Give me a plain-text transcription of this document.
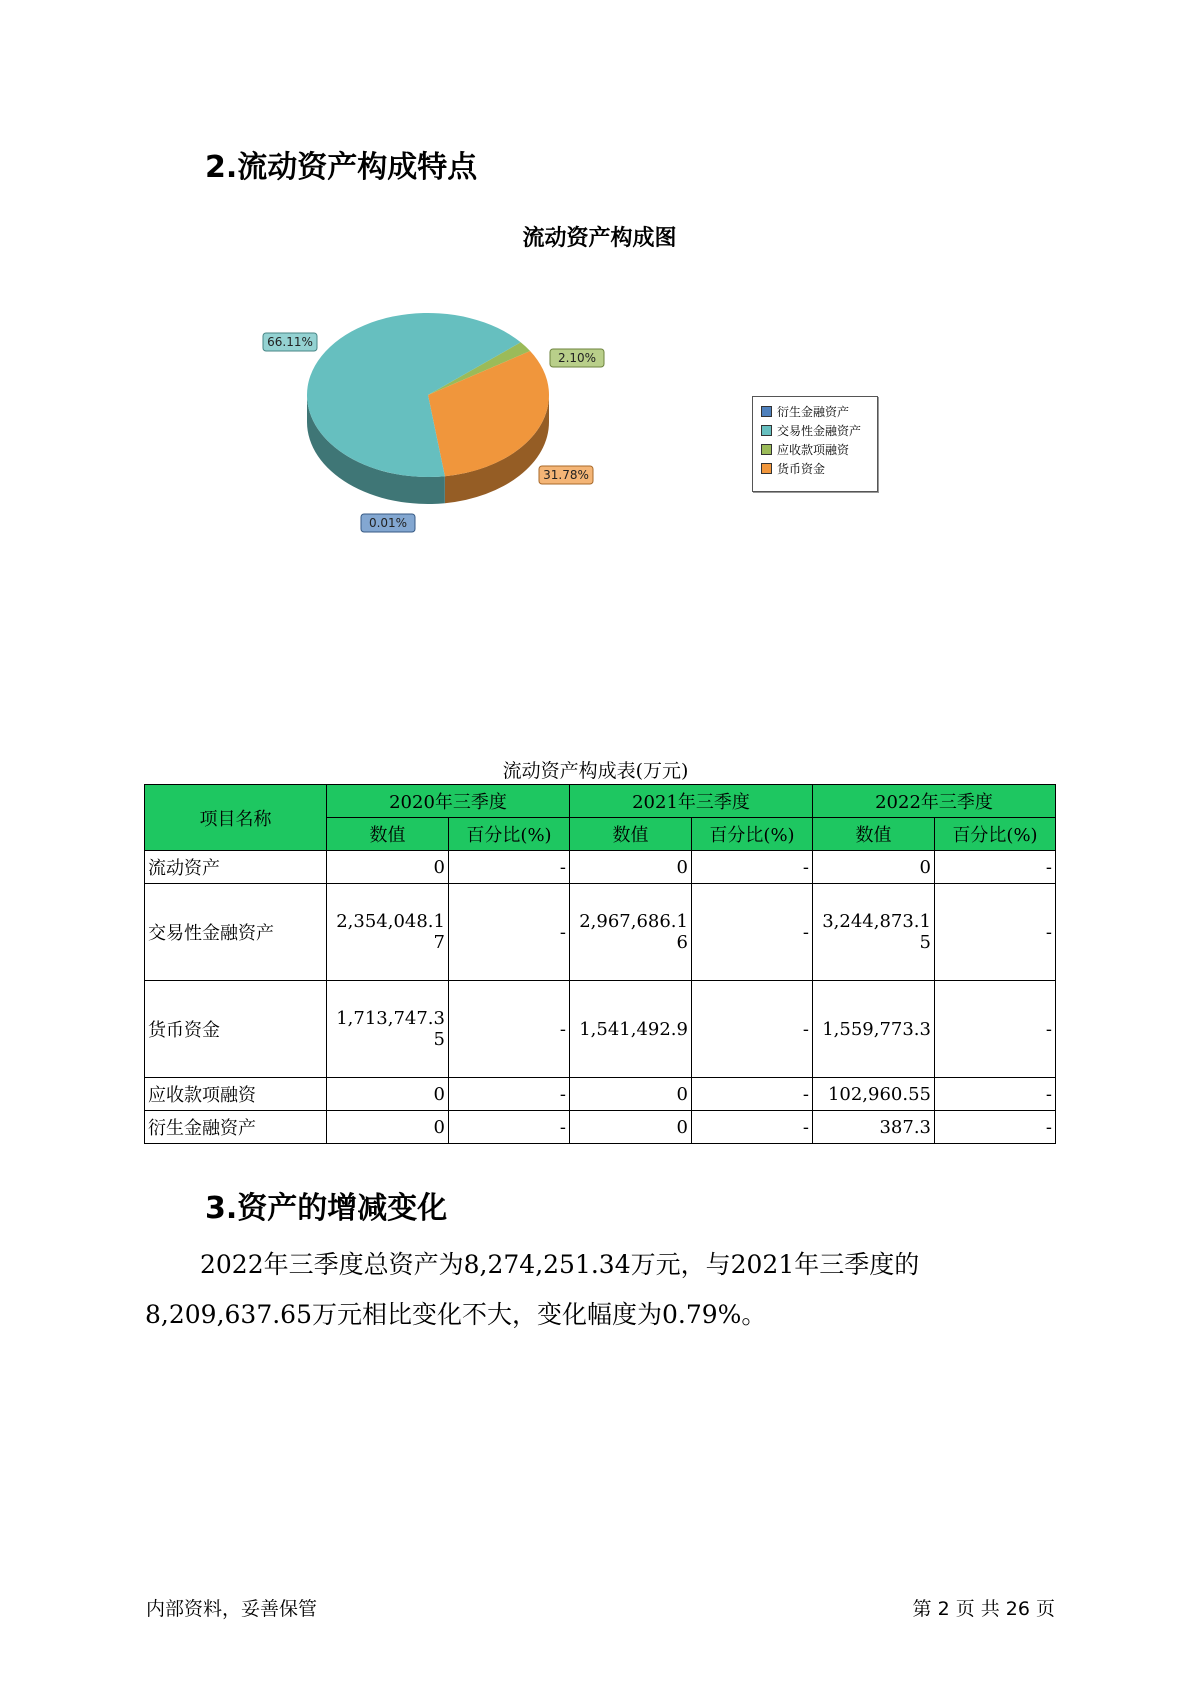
2.流动资产构成特点
流动资产构成图
2.10%
31.78%
0.01%
66.11%
衍生金融资产
交易性金融资产
应收款项融资
货币资金
流动资产构成表(万元)
项目名称	2020年三季度		2021年三季度		2022年三季度	
	数值	百分比(%)	数值	百分比(%)	数值	百分比(%)
流动资产	0	-	0	-	0	-
交易性金融资产	2,354,048.17	-	2,967,686.16	-	3,244,873.15	-
货币资金	1,713,747.35	-	1,541,492.9	-	1,559,773.3	-
应收款项融资	0	-	0	-	102,960.55	-
衍生金融资产	0	-	0	-	387.3	-
3.资产的增减变化
2022年三季度总资产为8,274,251.34万元，与2021年三季度的8,209,637.65万元相比变化不大，变化幅度为0.79%。
内部资料，妥善保管	第 2 页 共 26 页
